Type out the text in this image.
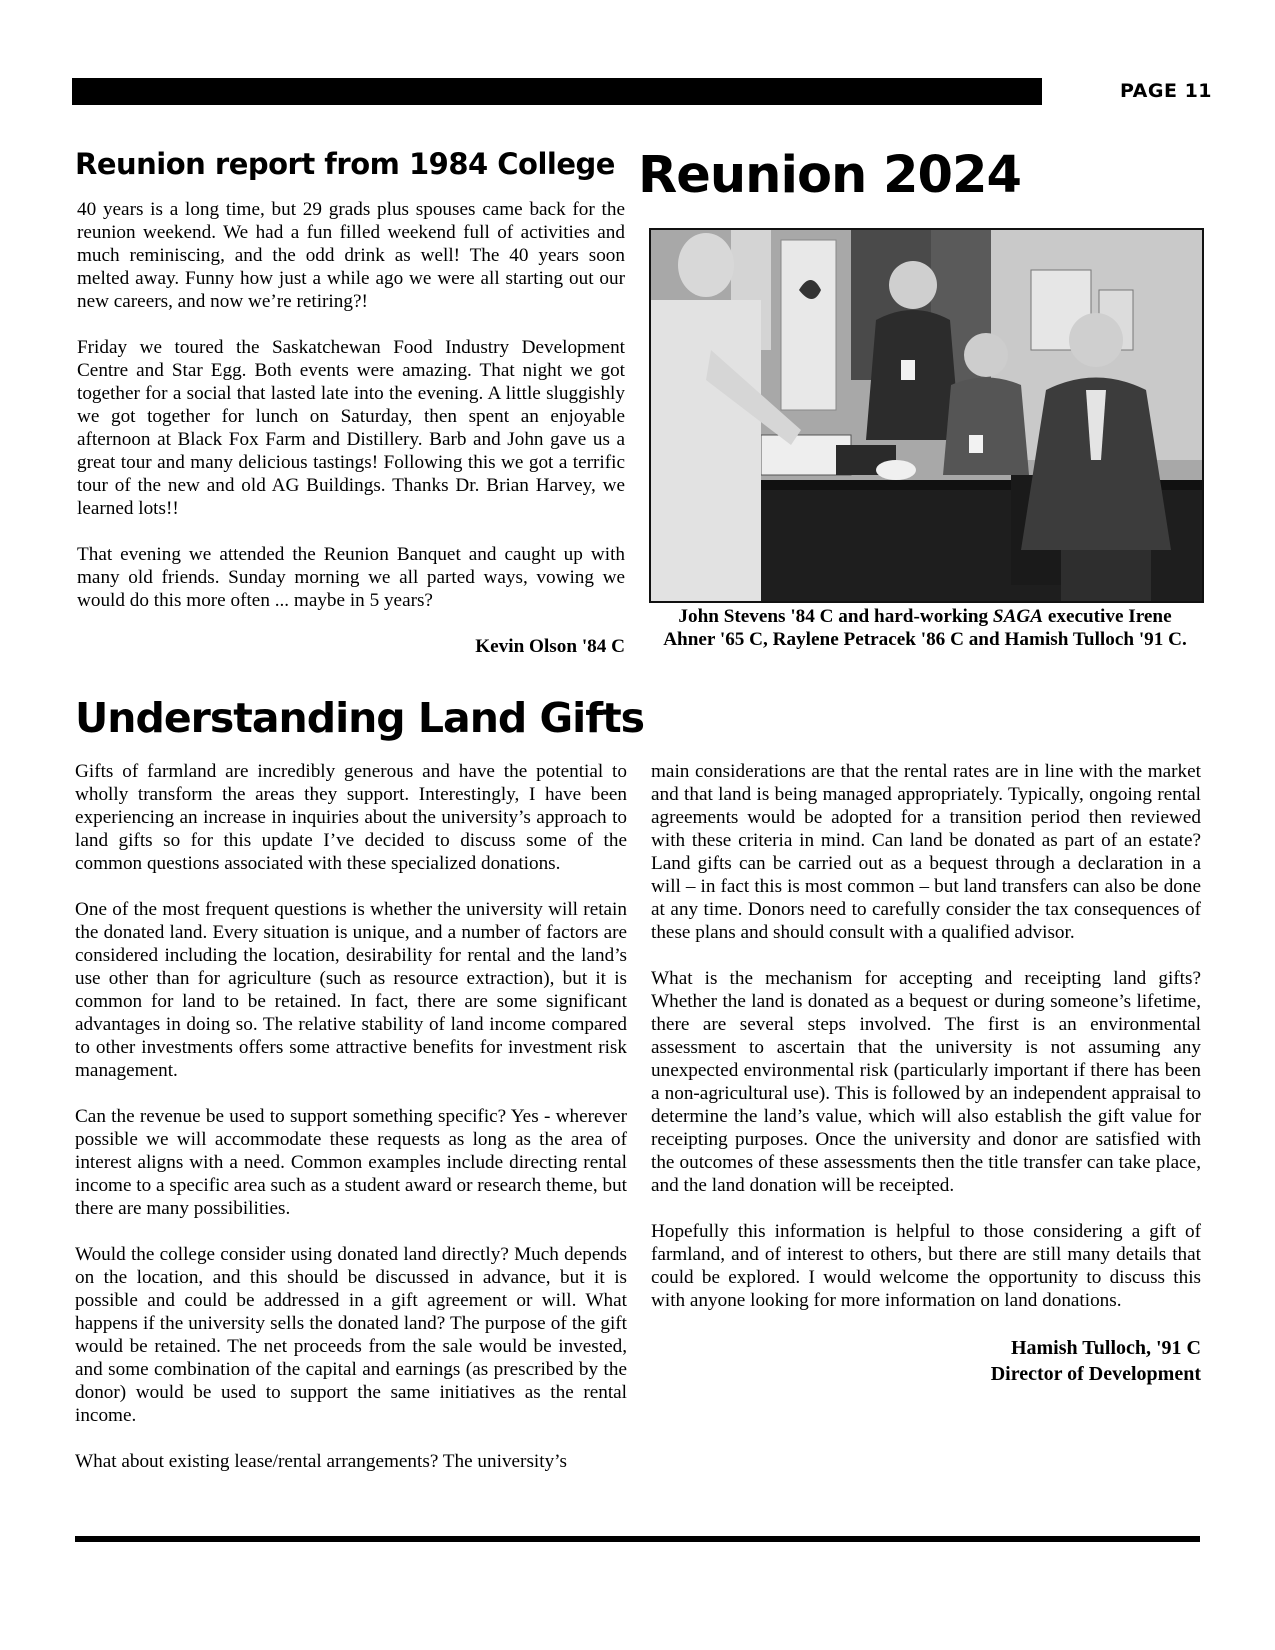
PAGE 11
Reunion report from 1984 College

40 years is a long time, but 29 grads plus spouses came back for the reunion weekend. We had a fun filled weekend full of activities and much reminiscing, and the odd drink as well! The 40 years soon melted away. Funny how just a while ago we were all starting out our new careers, and now we’re retiring?!

Friday we toured the Saskatchewan Food Industry Development Centre and Star Egg. Both events were amazing. That night we got together for a social that lasted late into the evening. A little sluggishly we got together for lunch on Saturday, then spent an enjoyable afternoon at Black Fox Farm and Distillery. Barb and John gave us a great tour and many delicious tastings! Following this we got a terrific tour of the new and old AG Buildings. Thanks Dr. Brian Harvey, we learned lots!!

That evening we attended the Reunion Banquet and caught up with many old friends. Sunday morning we all parted ways, vowing we would do this more often ... maybe in 5 years?

Kevin Olson '84 C
Reunion 2024
John Stevens '84 C and hard-working SAGA executive Irene Ahner '65 C, Raylene Petracek '86 C and Hamish Tulloch '91 C.
Understanding Land Gifts

Gifts of farmland are incredibly generous and have the potential to wholly transform the areas they support. Interestingly, I have been experiencing an increase in inquiries about the university’s approach to land gifts so for this update I’ve decided to discuss some of the common questions associated with these specialized donations.

One of the most frequent questions is whether the university will retain the donated land. Every situation is unique, and a number of factors are considered including the location, desirability for rental and the land’s use other than for agriculture (such as resource extraction), but it is common for land to be retained. In fact, there are some significant advantages in doing so. The relative stability of land income compared to other investments offers some attractive benefits for investment risk management.

Can the revenue be used to support something specific? Yes - wherever possible we will accommodate these requests as long as the area of interest aligns with a need. Common examples include directing rental income to a specific area such as a student award or research theme, but there are many possibilities.

Would the college consider using donated land directly? Much depends on the location, and this should be discussed in advance, but it is possible and could be addressed in a gift agreement or will. What happens if the university sells the donated land? The purpose of the gift would be retained. The net proceeds from the sale would be invested, and some combination of the capital and earnings (as prescribed by the donor) would be used to support the same initiatives as the rental income.

What about existing lease/rental arrangements? The university’s

main considerations are that the rental rates are in line with the market and that land is being managed appropriately. Typically, ongoing rental agreements would be adopted for a transition period then reviewed with these criteria in mind. Can land be donated as part of an estate? Land gifts can be carried out as a bequest through a declaration in a will – in fact this is most common – but land transfers can also be done at any time. Donors need to carefully consider the tax consequences of these plans and should consult with a qualified advisor.

What is the mechanism for accepting and receipting land gifts? Whether the land is donated as a bequest or during someone’s lifetime, there are several steps involved. The first is an environmental assessment to ascertain that the university is not assuming any unexpected environmental risk (particularly important if there has been a non-agricultural use). This is followed by an independent appraisal to determine the land’s value, which will also establish the gift value for receipting purposes. Once the university and donor are satisfied with the outcomes of these assessments then the title transfer can take place, and the land donation will be receipted.

Hopefully this information is helpful to those considering a gift of farmland, and of interest to others, but there are still many details that could be explored. I would welcome the opportunity to discuss this with anyone looking for more information on land donations.

Hamish Tulloch, '91 C
Director of Development
